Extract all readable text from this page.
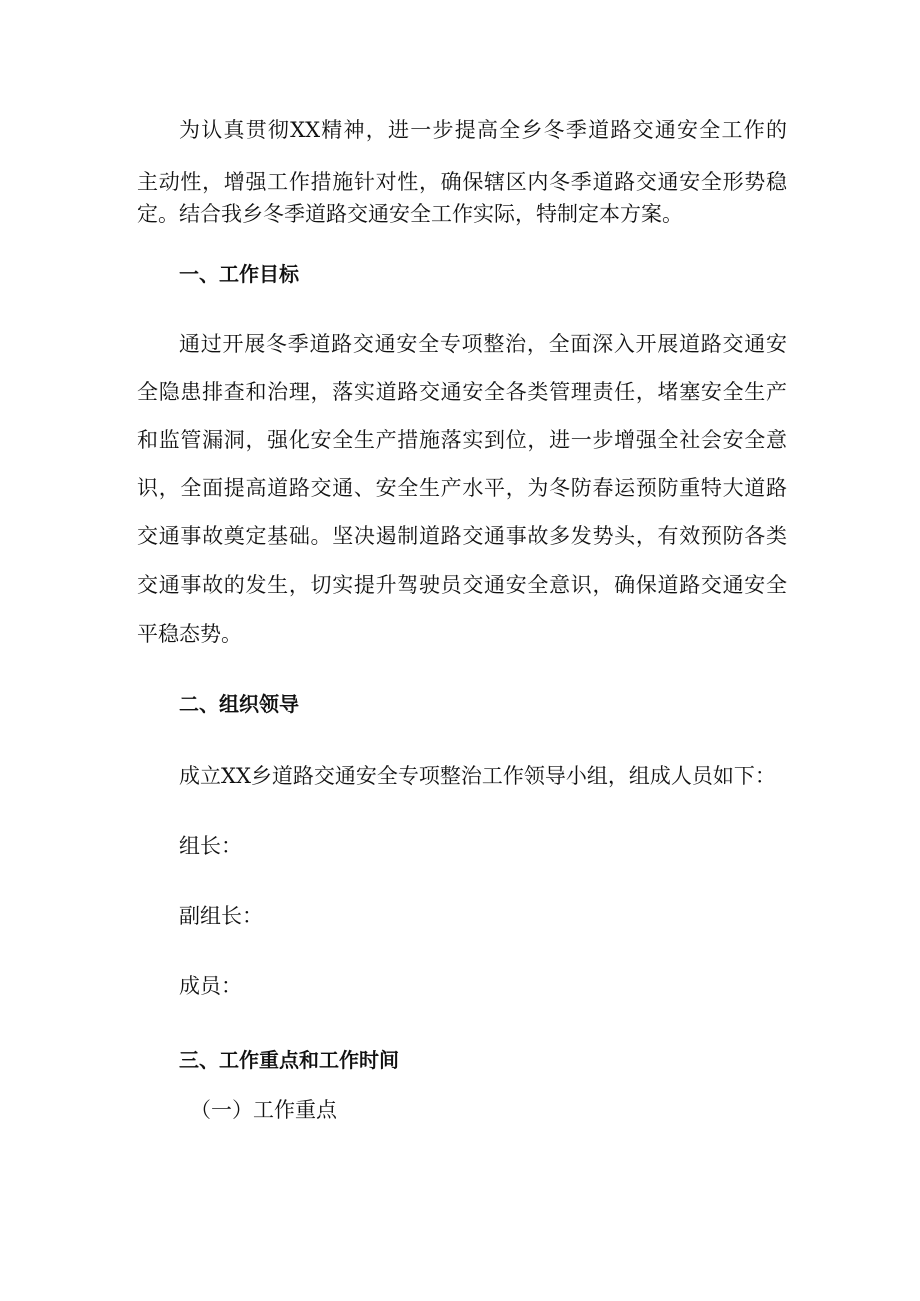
为认真贯彻XX精神，进一步提高全乡冬季道路交通安全工作的
主动性，增强工作措施针对性，确保辖区内冬季道路交通安全形势稳
定。结合我乡冬季道路交通安全工作实际，特制定本方案。
一、工作目标
通过开展冬季道路交通安全专项整治，全面深入开展道路交通安
全隐患排查和治理，落实道路交通安全各类管理责任，堵塞安全生产
和监管漏洞，强化安全生产措施落实到位，进一步增强全社会安全意
识，全面提高道路交通、安全生产水平，为冬防春运预防重特大道路
交通事故奠定基础。坚决遏制道路交通事故多发势头，有效预防各类
交通事故的发生，切实提升驾驶员交通安全意识，确保道路交通安全
平稳态势。
二、组织领导
成立XX乡道路交通安全专项整治工作领导小组，组成人员如下：
组长：
副组长：
成员：
三、工作重点和工作时间
（一）工作重点
